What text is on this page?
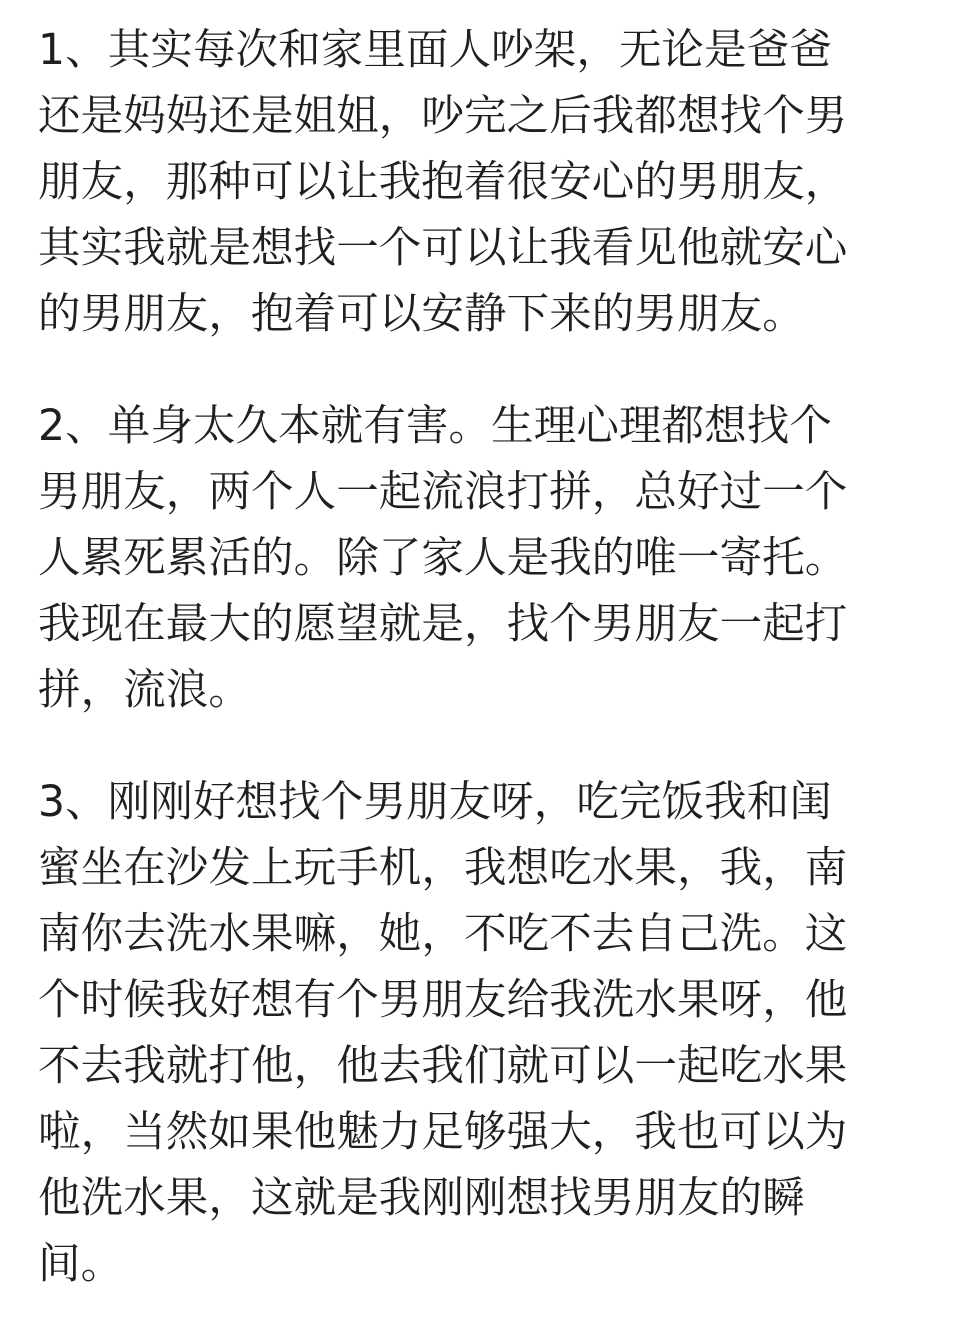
1、其实每次和家里面人吵架，无论是爸爸
还是妈妈还是姐姐，吵完之后我都想找个男
朋友，那种可以让我抱着很安心的男朋友，
其实我就是想找一个可以让我看见他就安心
的男朋友，抱着可以安静下来的男朋友。

2、单身太久本就有害。生理心理都想找个
男朋友，两个人一起流浪打拼，总好过一个
人累死累活的。除了家人是我的唯一寄托。
我现在最大的愿望就是，找个男朋友一起打
拼，流浪。

3、刚刚好想找个男朋友呀，吃完饭我和闺
蜜坐在沙发上玩手机，我想吃水果，我，南
南你去洗水果嘛，她，不吃不去自己洗。这
个时候我好想有个男朋友给我洗水果呀，他
不去我就打他，他去我们就可以一起吃水果
啦，当然如果他魅力足够强大，我也可以为
他洗水果，这就是我刚刚想找男朋友的瞬
间。
